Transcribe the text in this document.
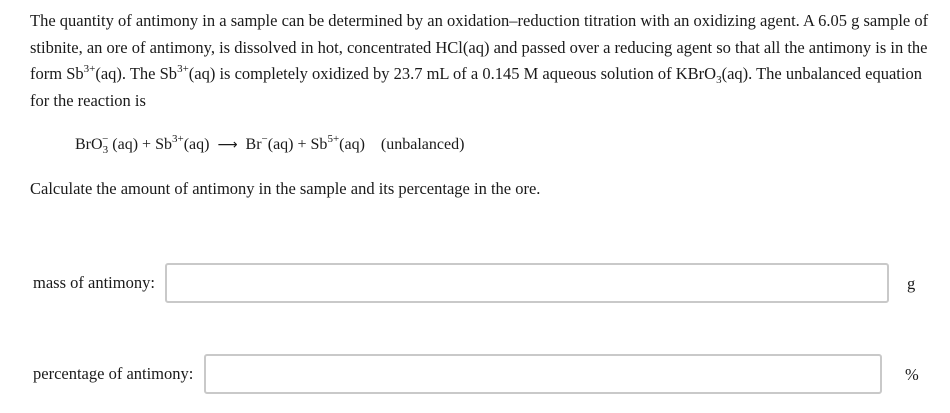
The quantity of antimony in a sample can be determined by an oxidation–reduction titration with an oxidizing agent. A 6.05 g sample of stibnite, an ore of antimony, is dissolved in hot, concentrated HCl(aq) and passed over a reducing agent so that all the antimony is in the form $Sb^{3+}(aq)$. The $Sb^{3+}(aq)$ is completely oxidized by 23.7 mL of a 0.145 M aqueous solution of KBrO$_3$(aq). The unbalanced equation for the reaction is

BrO$_3$− $(aq) + Sb^{3+}(aq)$ ⟶ $Br^-(aq) + Sb^{5+}(aq)$ (unbalanced)
Calculate the amount of antimony in the sample and its percentage in the ore.
mass of antimony:	g
percentage of antimony:	%
